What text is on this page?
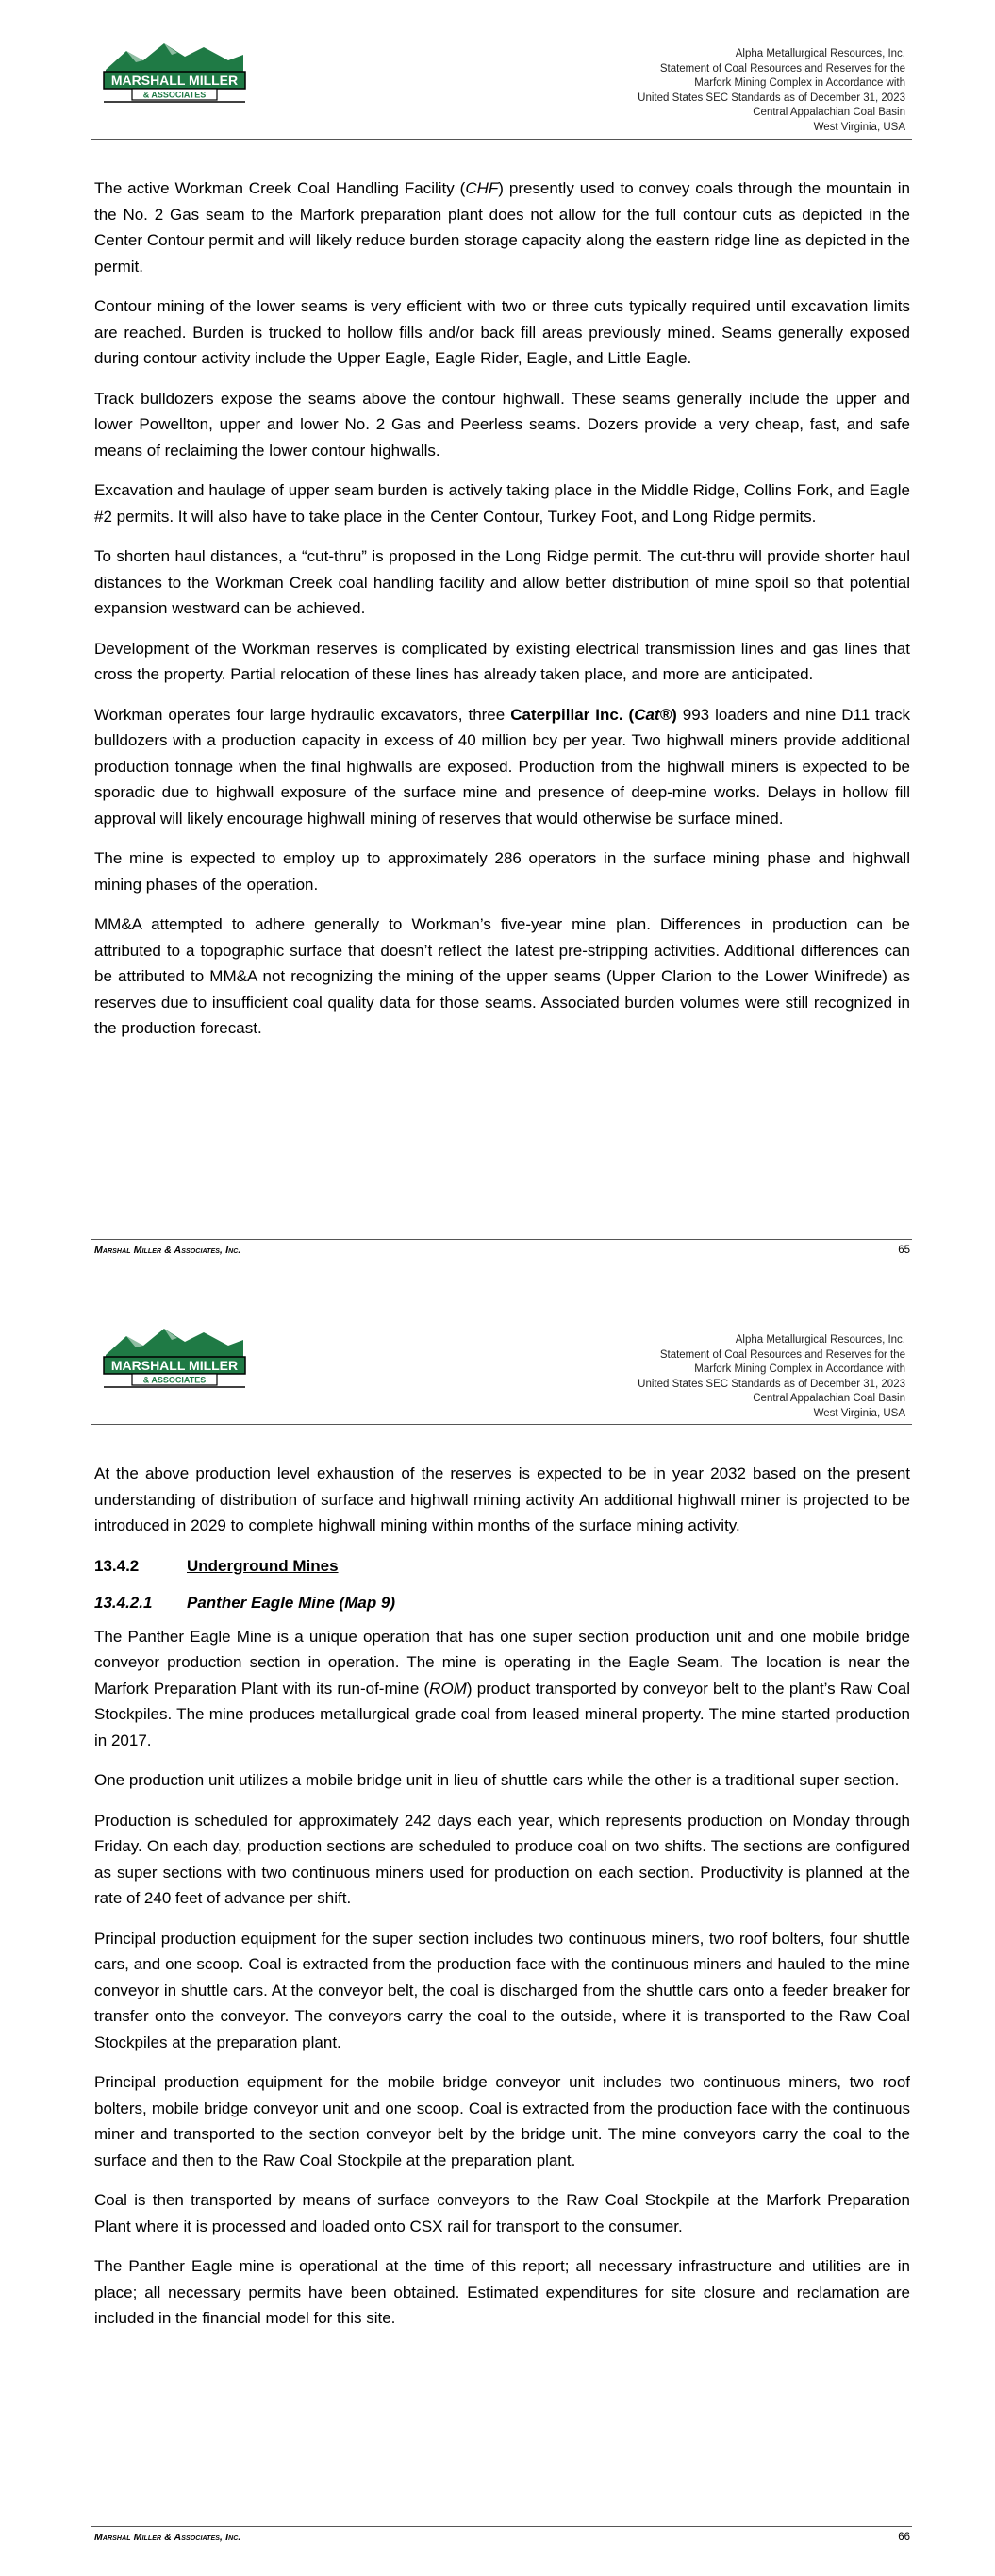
MARSHALL MILLER
& ASSOCIATES
Alpha Metallurgical Resources, Inc.
Statement of Coal Resources and Reserves for the
Marfork Mining Complex in Accordance with
United States SEC Standards as of December 31, 2023
Central Appalachian Coal Basin
West Virginia, USA

The active Workman Creek Coal Handling Facility (CHF) presently used to convey coals through the mountain in the No. 2 Gas seam to the Marfork preparation plant does not allow for the full contour cuts as depicted in the Center Contour permit and will likely reduce burden storage capacity along the eastern ridge line as depicted in the permit.

Contour mining of the lower seams is very efficient with two or three cuts typically required until excavation limits are reached. Burden is trucked to hollow fills and/or back fill areas previously mined. Seams generally exposed during contour activity include the Upper Eagle, Eagle Rider, Eagle, and Little Eagle.

Track bulldozers expose the seams above the contour highwall. These seams generally include the upper and lower Powellton, upper and lower No. 2 Gas and Peerless seams. Dozers provide a very cheap, fast, and safe means of reclaiming the lower contour highwalls.

Excavation and haulage of upper seam burden is actively taking place in the Middle Ridge, Collins Fork, and Eagle #2 permits. It will also have to take place in the Center Contour, Turkey Foot, and Long Ridge permits.

To shorten haul distances, a “cut-thru” is proposed in the Long Ridge permit. The cut-thru will provide shorter haul distances to the Workman Creek coal handling facility and allow better distribution of mine spoil so that potential expansion westward can be achieved.

Development of the Workman reserves is complicated by existing electrical transmission lines and gas lines that cross the property. Partial relocation of these lines has already taken place, and more are anticipated.

Workman operates four large hydraulic excavators, three Caterpillar Inc. (Cat®) 993 loaders and nine D11 track bulldozers with a production capacity in excess of 40 million bcy per year. Two highwall miners provide additional production tonnage when the final highwalls are exposed. Production from the highwall miners is expected to be sporadic due to highwall exposure of the surface mine and presence of deep-mine works. Delays in hollow fill approval will likely encourage highwall mining of reserves that would otherwise be surface mined.

The mine is expected to employ up to approximately 286 operators in the surface mining phase and highwall mining phases of the operation.

MM&A attempted to adhere generally to Workman’s five-year mine plan. Differences in production can be attributed to a topographic surface that doesn’t reflect the latest pre-stripping activities. Additional differences can be attributed to MM&A not recognizing the mining of the upper seams (Upper Clarion to the Lower Winifrede) as reserves due to insufficient coal quality data for those seams. Associated burden volumes were still recognized in the production forecast.

Marshal Miller & Associates, Inc.	65
MARSHALL MILLER
& ASSOCIATES
Alpha Metallurgical Resources, Inc.
Statement of Coal Resources and Reserves for the
Marfork Mining Complex in Accordance with
United States SEC Standards as of December 31, 2023
Central Appalachian Coal Basin
West Virginia, USA

At the above production level exhaustion of the reserves is expected to be in year 2032 based on the present understanding of distribution of surface and highwall mining activity An additional highwall miner is projected to be introduced in 2029 to complete highwall mining within months of the surface mining activity.

13.4.2	Underground Mines
13.4.2.1 Panther Eagle Mine (Map 9)

The Panther Eagle Mine is a unique operation that has one super section production unit and one mobile bridge conveyor production section in operation. The mine is operating in the Eagle Seam. The location is near the Marfork Preparation Plant with its run-of-mine (ROM) product transported by conveyor belt to the plant’s Raw Coal Stockpiles. The mine produces metallurgical grade coal from leased mineral property. The mine started production in 2017.

One production unit utilizes a mobile bridge unit in lieu of shuttle cars while the other is a traditional super section.

Production is scheduled for approximately 242 days each year, which represents production on Monday through Friday. On each day, production sections are scheduled to produce coal on two shifts. The sections are configured as super sections with two continuous miners used for production on each section. Productivity is planned at the rate of 240 feet of advance per shift.

Principal production equipment for the super section includes two continuous miners, two roof bolters, four shuttle cars, and one scoop. Coal is extracted from the production face with the continuous miners and hauled to the mine conveyor in shuttle cars. At the conveyor belt, the coal is discharged from the shuttle cars onto a feeder breaker for transfer onto the conveyor. The conveyors carry the coal to the outside, where it is transported to the Raw Coal Stockpiles at the preparation plant.

Principal production equipment for the mobile bridge conveyor unit includes two continuous miners, two roof bolters, mobile bridge conveyor unit and one scoop. Coal is extracted from the production face with the continuous miner and transported to the section conveyor belt by the bridge unit. The mine conveyors carry the coal to the surface and then to the Raw Coal Stockpile at the preparation plant.

Coal is then transported by means of surface conveyors to the Raw Coal Stockpile at the Marfork Preparation Plant where it is processed and loaded onto CSX rail for transport to the consumer.

The Panther Eagle mine is operational at the time of this report; all necessary infrastructure and utilities are in place; all necessary permits have been obtained. Estimated expenditures for site closure and reclamation are included in the financial model for this site.

Marshal Miller & Associates, Inc.	66
